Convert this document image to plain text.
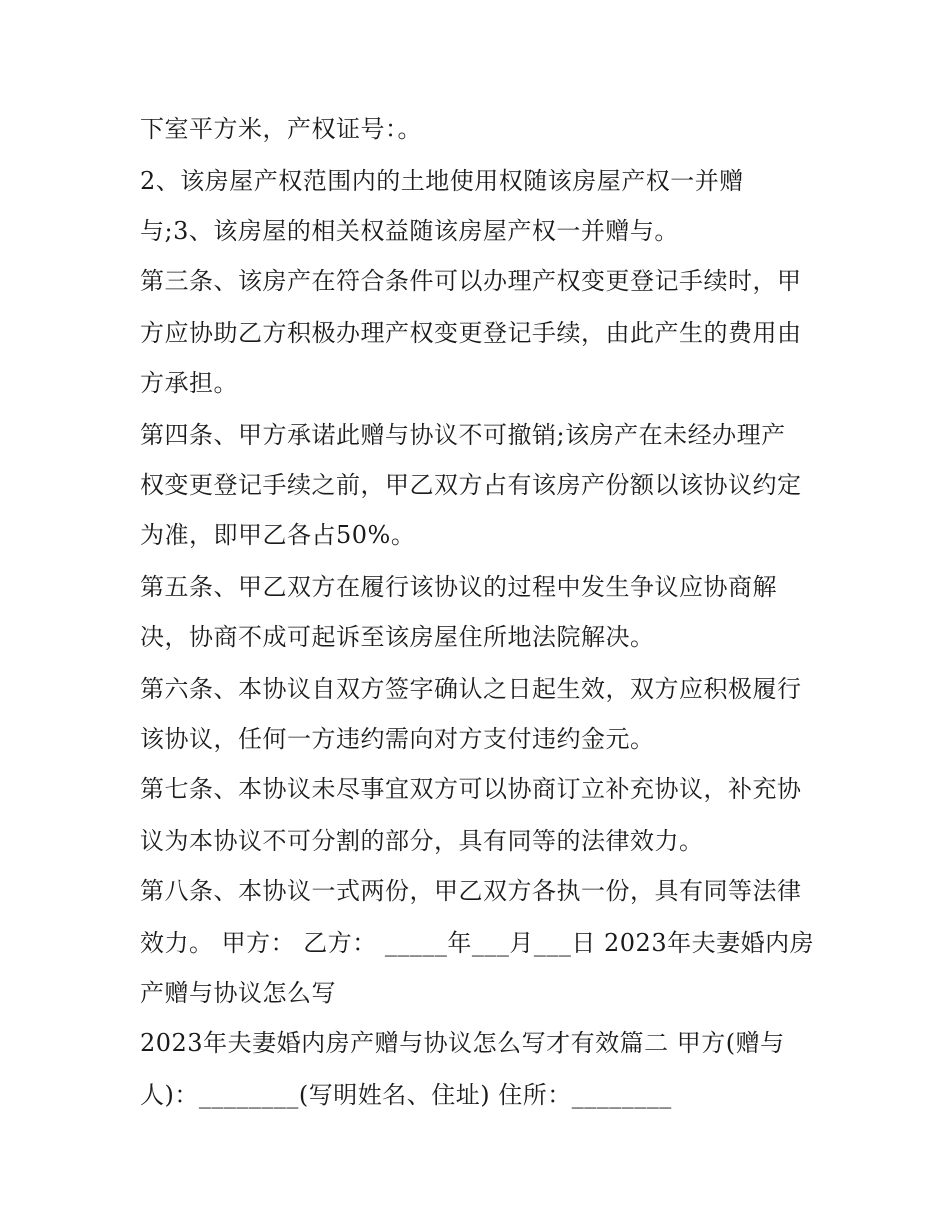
下室平方米，产权证号：。
2、该房屋产权范围内的土地使用权随该房屋产权一并赠
与;3、该房屋的相关权益随该房屋产权一并赠与。
第三条、该房产在符合条件可以办理产权变更登记手续时，甲
方应协助乙方积极办理产权变更登记手续，由此产生的费用由
方承担。
第四条、甲方承诺此赠与协议不可撤销;该房产在未经办理产
权变更登记手续之前，甲乙双方占有该房产份额以该协议约定
为准，即甲乙各占50%。
第五条、甲乙双方在履行该协议的过程中发生争议应协商解
决，协商不成可起诉至该房屋住所地法院解决。
第六条、本协议自双方签字确认之日起生效，双方应积极履行
该协议，任何一方违约需向对方支付违约金元。
第七条、本协议未尽事宜双方可以协商订立补充协议，补充协
议为本协议不可分割的部分，具有同等的法律效力。
第八条、本协议一式两份，甲乙双方各执一份，具有同等法律
效力。 甲方： 乙方： _____年___月___日 2023年夫妻婚内房
产赠与协议怎么写
2023年夫妻婚内房产赠与协议怎么写才有效篇二 甲方(赠与
人)：________(写明姓名、住址) 住所：________
